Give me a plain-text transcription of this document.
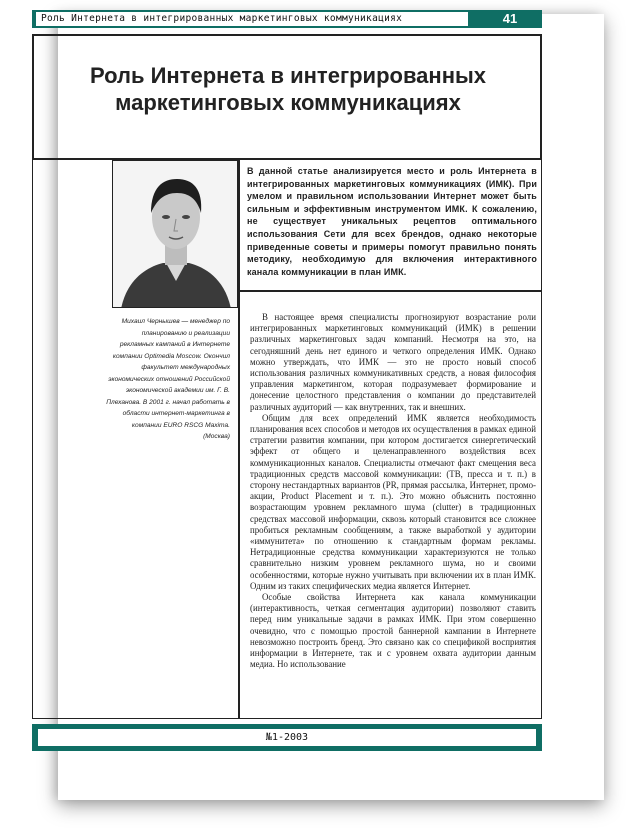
Роль Интернета в интегрированных маркетинговых коммуникациях	41
Роль Интернета в интегрированных маркетинговых коммуникациях
В данной статье анализируется место и роль Интернета в интегрированных маркетинговых коммуникациях (ИМК). При умелом и правильном использовании Интернет может быть сильным и эффективным инструментом ИМК. К сожалению, не существует уникальных рецептов оптимального использования Сети для всех брендов, однако некоторые приведенные советы и примеры помогут правильно понять методику, необходимую для включения интерактивного канала коммуникации в план ИМК.
Михаил Чернышев — менеджер по планированию и реализации рекламных кампаний в Интернете компании Optimedia Moscow. Окончил факультет международных экономических отношений Российской экономической академии им. Г. В. Плеханова. В 2001 г. начал работать в области интернет-маркетинга в компании EURO RSCG Maxima. (Москва)

В настоящее время специалисты прогнозируют возрастание роли интегрированных маркетинговых коммуникаций (ИМК) в решении различных маркетинговых задач компаний. Несмотря на это, на сегодняшний день нет единого и четкого определения ИМК. Однако можно утверждать, что ИМК — это не просто новый способ использования различных коммуникативных средств, а новая философия управления маркетингом, которая подразумевает формирование и донесение целостного представления о компании до представителей различных аудиторий — как внутренних, так и внешних.

Общим для всех определений ИМК является необходимость планирования всех способов и методов их осуществления в рамках единой стратегии развития компании, при котором достигается синергетический эффект от общего и целенаправленного воздействия всех коммуникационных каналов. Специалисты отмечают факт смещения веса традиционных средств массовой коммуникации: (ТВ, пресса и т. п.) в сторону нестандартных вариантов (PR, прямая рассылка, Интернет, промо-акции, Product Placement и т. п.). Это можно объяснить постоянно возрастающим уровнем рекламного шума (clutter) в традиционных средствах массовой информации, сквозь который становится все сложнее пробиться рекламным сообщениям, а также выработкой у аудитории «иммунитета» по отношению к стандартным формам рекламы. Нетрадиционные средства коммуникации характеризуются не только сравнительно низким уровнем рекламного шума, но и своими особенностями, которые нужно учитывать при включении их в план ИМК. Одним из таких специфических медиа является Интернет.

Особые свойства Интернета как канала коммуникации (интерактивность, четкая сегментация аудитории) позволяют ставить перед ним уникальные задачи в рамках ИМК. При этом совершенно очевидно, что с помощью простой баннерной кампании в Интернете невозможно построить бренд. Это связано как со спецификой восприятия информации в Интернете, так и с уровнем охвата аудитории данным медиа. Но использование

№1-2003
